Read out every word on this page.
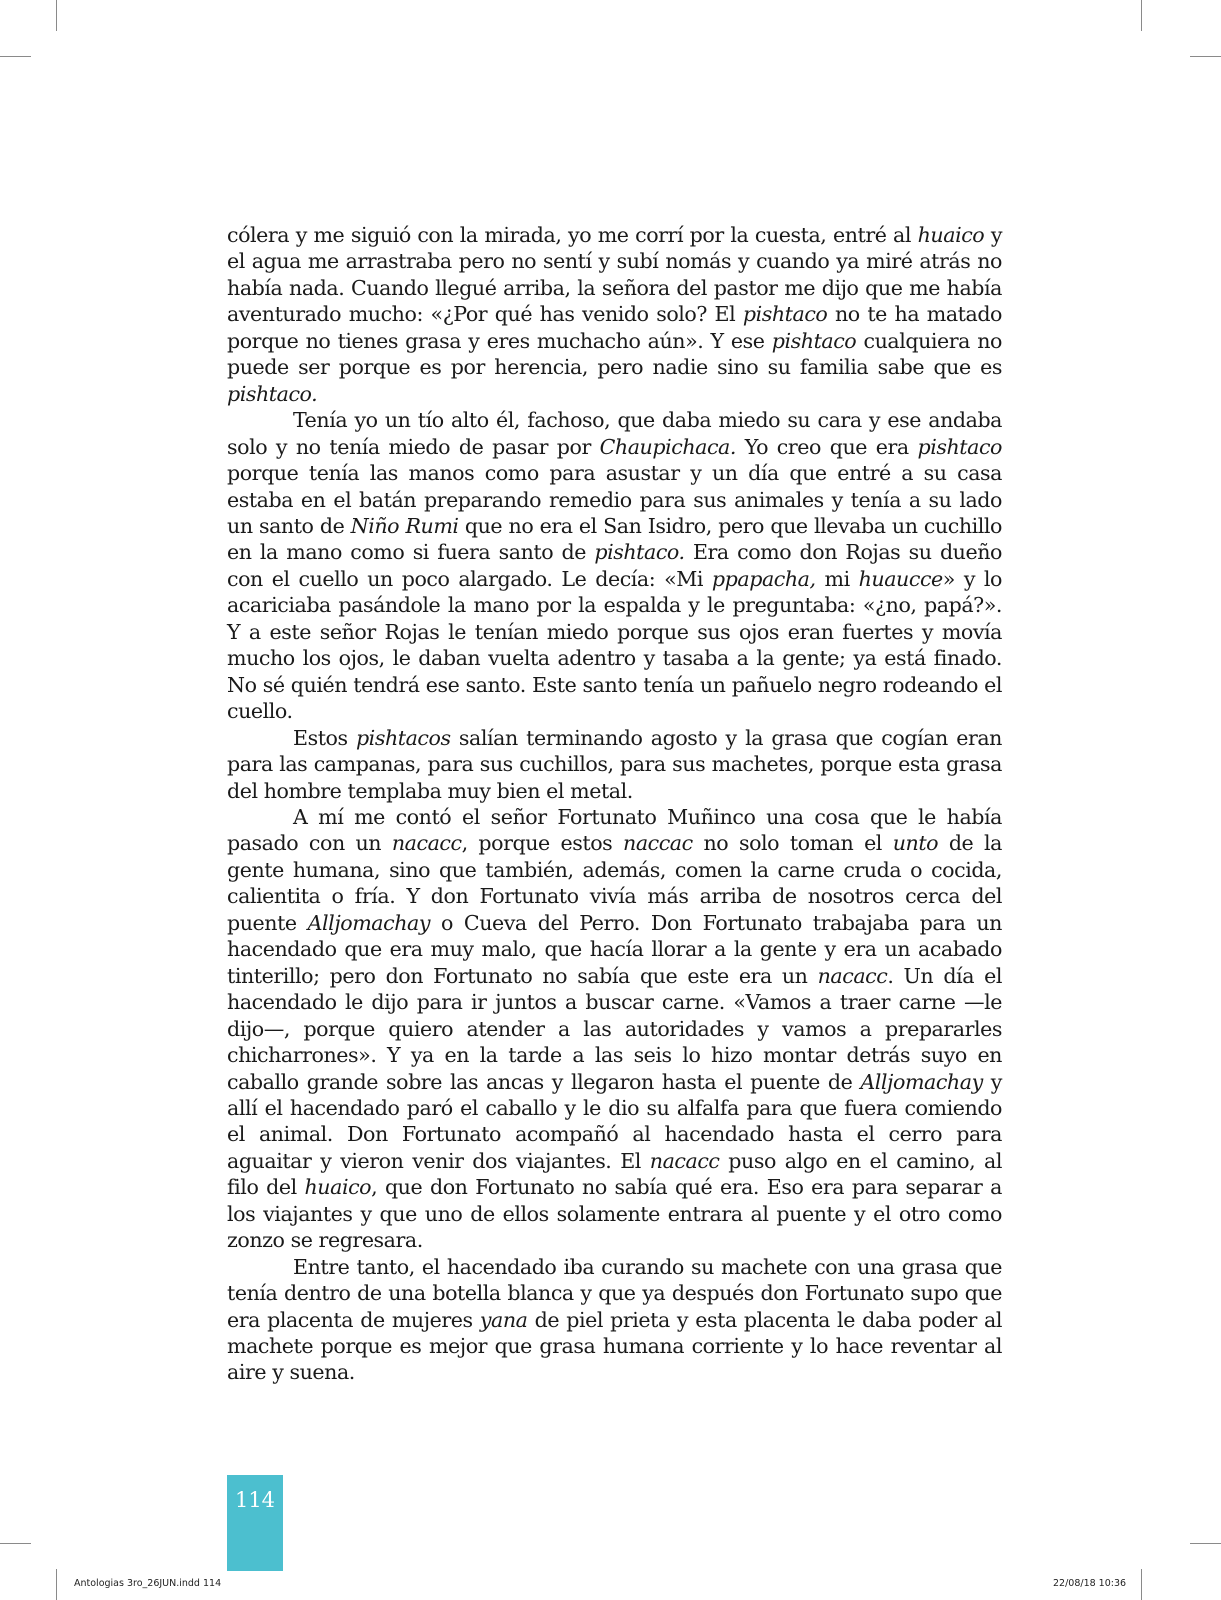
cólera y me siguió con la mirada, yo me corrí por la cuesta, entré al huaico y el agua me arrastraba pero no sentí y subí nomás y cuando ya miré atrás no había nada. Cuando llegué arriba, la señora del pastor me dijo que me había aventurado mucho: «¿Por qué has venido solo? El pishtaco no te ha matado porque no tienes grasa y eres muchacho aún». Y ese pishtaco cualquiera no puede ser porque es por herencia, pero nadie sino su familia sabe que es pishtaco.

Tenía yo un tío alto él, fachoso, que daba miedo su cara y ese andaba solo y no tenía miedo de pasar por Chaupichaca. Yo creo que era pishtaco porque tenía las manos como para asustar y un día que entré a su casa estaba en el batán preparando remedio para sus animales y tenía a su lado un santo de Niño Rumi que no era el San Isidro, pero que llevaba un cuchillo en la mano como si fuera santo de pishtaco. Era como don Rojas su dueño con el cuello un poco alargado. Le decía: «Mi ppapacha, mi huaucce» y lo acariciaba pasándole la mano por la espalda y le preguntaba: «¿no, papá?». Y a este señor Rojas le tenían miedo porque sus ojos eran fuertes y movía mucho los ojos, le daban vuelta adentro y tasaba a la gente; ya está finado. No sé quién tendrá ese santo. Este santo tenía un pañuelo negro rodeando el cuello.

Estos pishtacos salían terminando agosto y la grasa que cogían eran para las campanas, para sus cuchillos, para sus machetes, porque esta grasa del hombre templaba muy bien el metal.

A mí me contó el señor Fortunato Muñinco una cosa que le había pasado con un nacacc, porque estos naccac no solo toman el unto de la gente humana, sino que también, además, comen la carne cruda o cocida, calientita o fría. Y don Fortunato vivía más arriba de nosotros cerca del puente Alljomachay o Cueva del Perro. Don Fortunato trabajaba para un hacendado que era muy malo, que hacía llorar a la gente y era un acabado tinterillo; pero don Fortunato no sabía que este era un nacacc. Un día el hacendado le dijo para ir juntos a buscar carne. «Vamos a traer carne —le dijo—, porque quiero atender a las autoridades y vamos a prepararles chicharrones». Y ya en la tarde a las seis lo hizo montar detrás suyo en caballo grande sobre las ancas y llegaron hasta el puente de Alljomachay y allí el hacendado paró el caballo y le dio su alfalfa para que fuera comiendo el animal. Don Fortunato acompañó al hacendado hasta el cerro para aguaitar y vieron venir dos viajantes. El nacacc puso algo en el camino, al filo del huaico, que don Fortunato no sabía qué era. Eso era para separar a los viajantes y que uno de ellos solamente entrara al puente y el otro como zonzo se regresara.

Entre tanto, el hacendado iba curando su machete con una grasa que tenía dentro de una botella blanca y que ya después don Fortunato supo que era placenta de mujeres yana de piel prieta y esta placenta le daba poder al machete porque es mejor que grasa humana corriente y lo hace reventar al aire y suena.

114
Antologias 3ro_26JUN.indd 114	22/08/18 10:36
